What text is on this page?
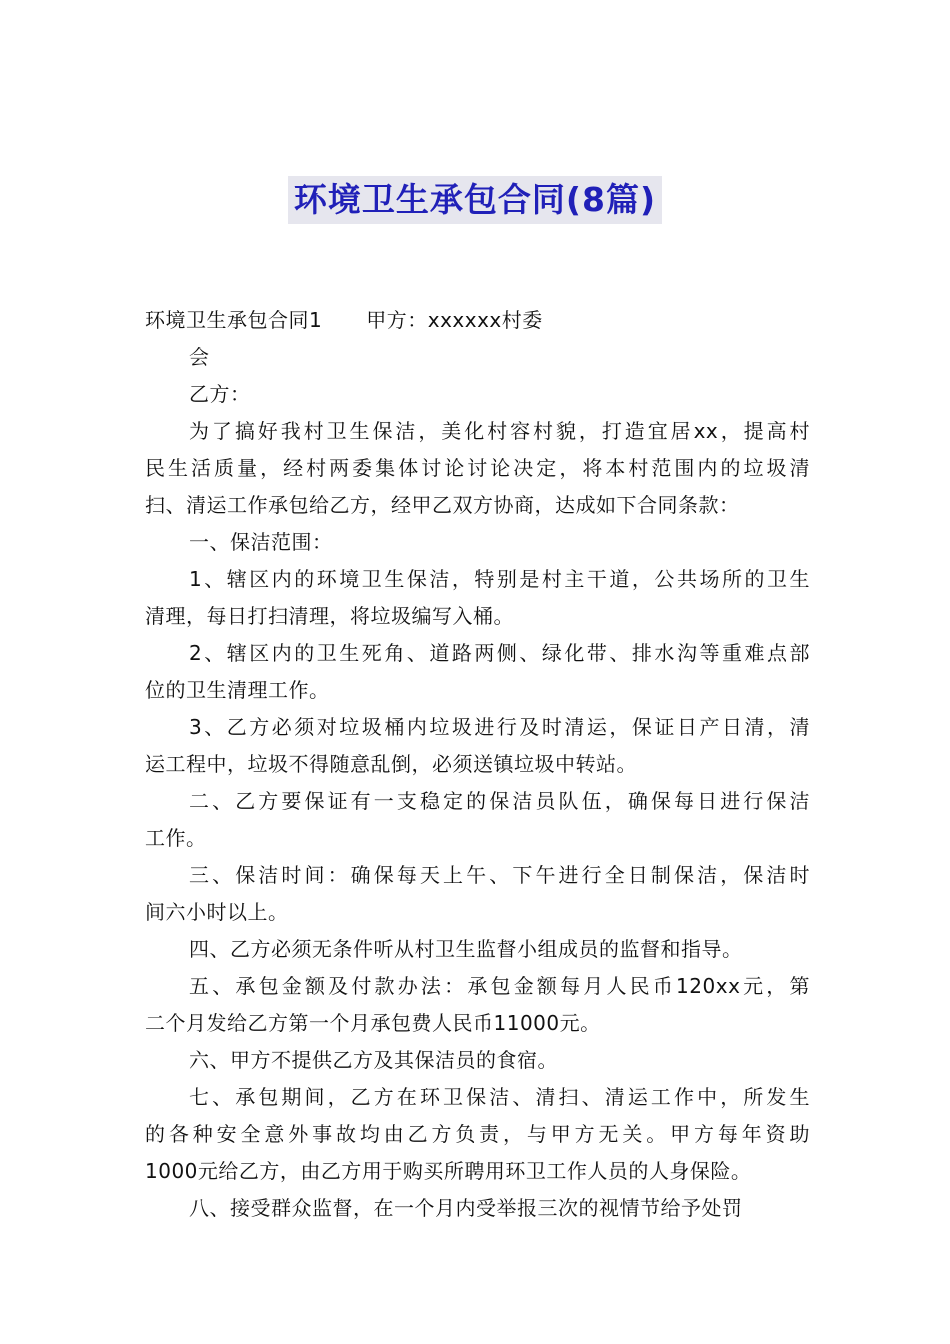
环境卫生承包合同(8篇)
环境卫生承包合同1 甲方：xxxxxx村委
会
乙方：
为了搞好我村卫生保洁，美化村容村貌，打造宜居xx，提高村
民生活质量，经村两委集体讨论讨论决定，将本村范围内的垃圾清
扫、清运工作承包给乙方，经甲乙双方协商，达成如下合同条款：
一、保洁范围：
1、辖区内的环境卫生保洁，特别是村主干道，公共场所的卫生
清理，每日打扫清理，将垃圾编写入桶。
2、辖区内的卫生死角、道路两侧、绿化带、排水沟等重难点部
位的卫生清理工作。
3、乙方必须对垃圾桶内垃圾进行及时清运，保证日产日清，清
运工程中，垃圾不得随意乱倒，必须送镇垃圾中转站。
二、乙方要保证有一支稳定的保洁员队伍，确保每日进行保洁
工作。
三、保洁时间：确保每天上午、下午进行全日制保洁，保洁时
间六小时以上。
四、乙方必须无条件听从村卫生监督小组成员的监督和指导。
五、承包金额及付款办法：承包金额每月人民币120xx元，第
二个月发给乙方第一个月承包费人民币11000元。
六、甲方不提供乙方及其保洁员的食宿。
七、承包期间，乙方在环卫保洁、清扫、清运工作中，所发生
的各种安全意外事故均由乙方负责，与甲方无关。甲方每年资助
1000元给乙方，由乙方用于购买所聘用环卫工作人员的人身保险。
八、接受群众监督，在一个月内受举报三次的视情节给予处罚
